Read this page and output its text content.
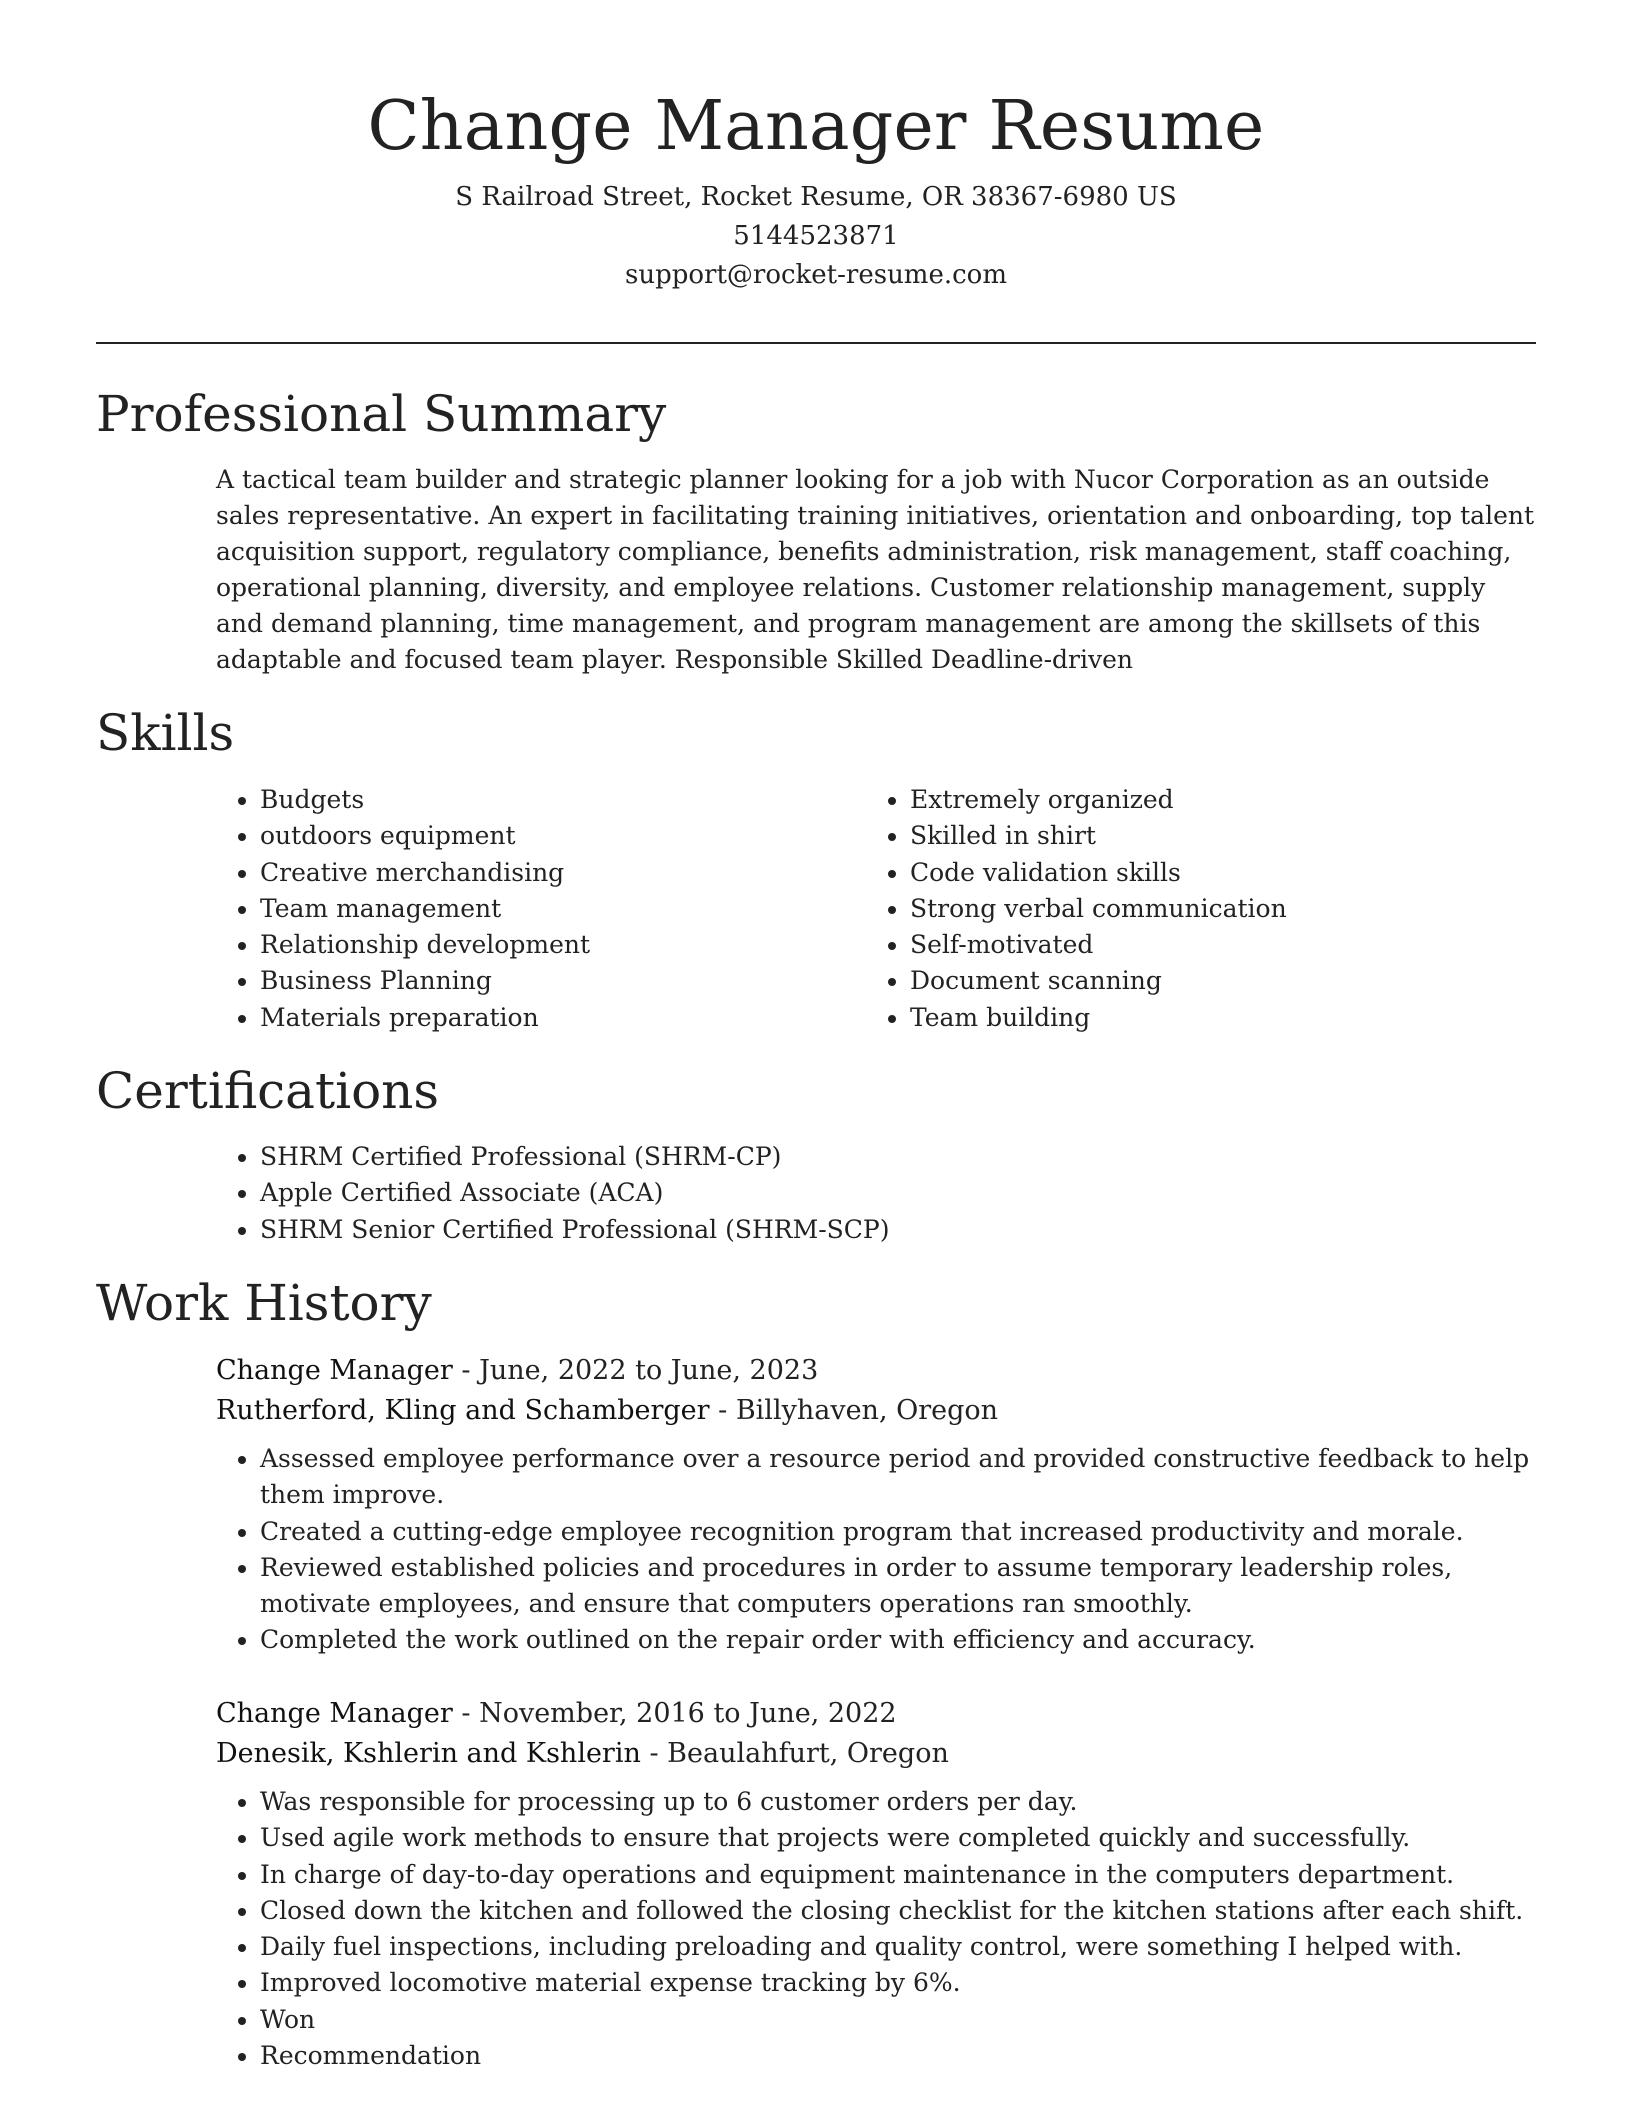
Change Manager Resume
S Railroad Street, Rocket Resume, OR 38367-6980 US
5144523871
support@rocket-resume.com
Professional Summary
A tactical team builder and strategic planner looking for a job with Nucor Corporation as an outside sales representative. An expert in facilitating training initiatives, orientation and onboarding, top talent acquisition support, regulatory compliance, benefits administration, risk management, staff coaching, operational planning, diversity, and employee relations. Customer relationship management, supply and demand planning, time management, and program management are among the skillsets of this adaptable and focused team player. Responsible Skilled Deadline-driven
Skills
• Budgets
• outdoors equipment
• Creative merchandising
• Team management
• Relationship development
• Business Planning
• Materials preparation
• Extremely organized
• Skilled in shirt
• Code validation skills
• Strong verbal communication
• Self-motivated
• Document scanning
• Team building
Certifications
• SHRM Certified Professional (SHRM-CP)
• Apple Certified Associate (ACA)
• SHRM Senior Certified Professional (SHRM-SCP)
Work History
Change Manager - June, 2022 to June, 2023
Rutherford, Kling and Schamberger - Billyhaven, Oregon
• Assessed employee performance over a resource period and provided constructive feedback to help them improve.
• Created a cutting-edge employee recognition program that increased productivity and morale.
• Reviewed established policies and procedures in order to assume temporary leadership roles, motivate employees, and ensure that computers operations ran smoothly.
• Completed the work outlined on the repair order with efficiency and accuracy.
Change Manager - November, 2016 to June, 2022
Denesik, Kshlerin and Kshlerin - Beaulahfurt, Oregon
• Was responsible for processing up to 6 customer orders per day.
• Used agile work methods to ensure that projects were completed quickly and successfully.
• In charge of day-to-day operations and equipment maintenance in the computers department.
• Closed down the kitchen and followed the closing checklist for the kitchen stations after each shift.
• Daily fuel inspections, including preloading and quality control, were something I helped with.
• Improved locomotive material expense tracking by 6%.
• Won
• Recommendation
